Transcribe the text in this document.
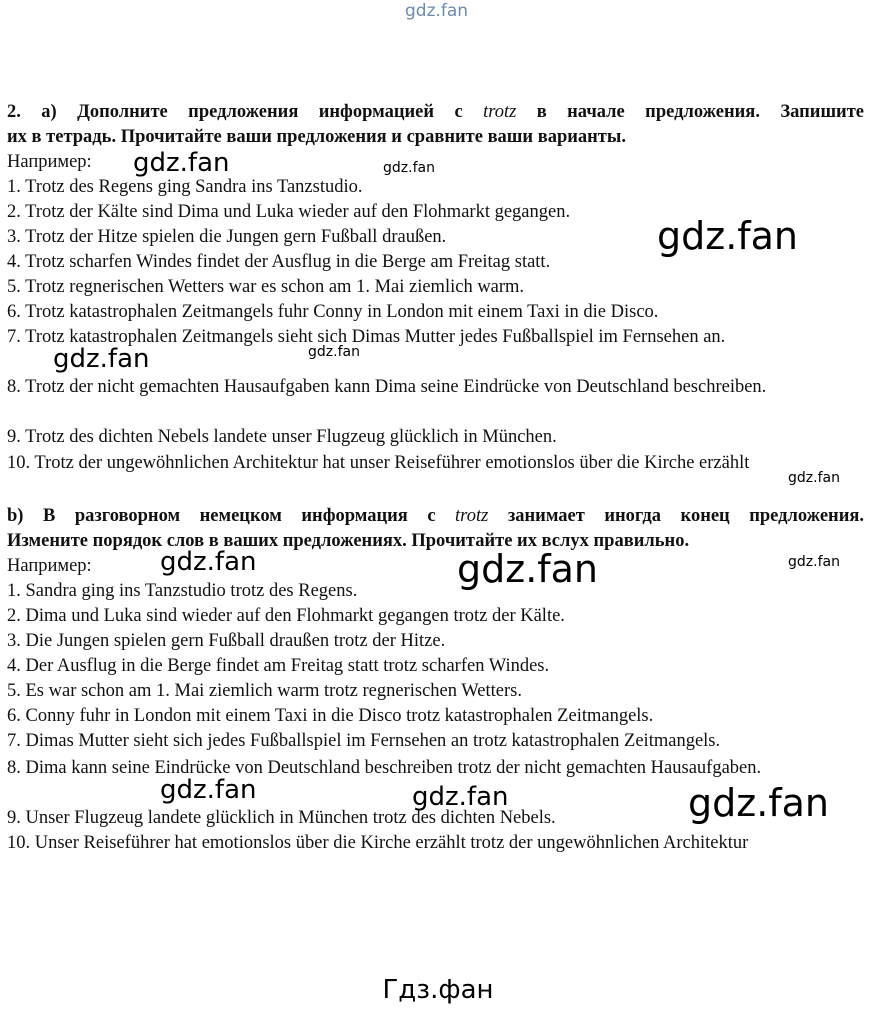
gdz.fan
2. а) Дополните предложения информацией с trotz в начале предложения. Запишите
их в тетрадь. Прочитайте ваши предложения и сравните ваши варианты.
Например:
1. Trotz des Regens ging Sandra ins Tanzstudio.
2. Trotz der Kälte sind Dima und Luka wieder auf den Flohmarkt gegangen.
3. Trotz der Hitze spielen die Jungen gern Fußball draußen.
4. Trotz scharfen Windes findet der Ausflug in die Berge am Freitag statt.
5. Trotz regnerischen Wetters war es schon am 1. Mai ziemlich warm.
6. Trotz katastrophalen Zeitmangels fuhr Conny in London mit einem Taxi in die Disco.
7. Trotz katastrophalen Zeitmangels sieht sich Dimas Mutter jedes Fußballspiel im Fernsehen an.
8. Trotz der nicht gemachten Hausaufgaben kann Dima seine Eindrücke von Deutschland beschreiben.
9. Trotz des dichten Nebels landete unser Flugzeug glücklich in München.
10. Trotz der ungewöhnlichen Architektur hat unser Reiseführer emotionslos über die Kirche erzählt
b) В разговорном немецком информация с trotz занимает иногда конец предложения.
Измените порядок слов в ваших предложениях. Прочитайте их вслух правильно.
Например:
1. Sandra ging ins Tanzstudio trotz des Regens.
2. Dima und Luka sind wieder auf den Flohmarkt gegangen trotz der Kälte.
3. Die Jungen spielen gern Fußball draußen trotz der Hitze.
4. Der Ausflug in die Berge findet am Freitag statt trotz scharfen Windes.
5. Es war schon am 1. Mai ziemlich warm trotz regnerischen Wetters.
6. Conny fuhr in London mit einem Taxi in die Disco trotz katastrophalen Zeitmangels.
7. Dimas Mutter sieht sich jedes Fußballspiel im Fernsehen an trotz katastrophalen Zeitmangels.
8. Dima kann seine Eindrücke von Deutschland beschreiben trotz der nicht gemachten Hausaufgaben.
9. Unser Flugzeug landete glücklich in München trotz des dichten Nebels.
10. Unser Reiseführer hat emotionslos über die Kirche erzählt trotz der ungewöhnlichen Architektur
gdz.fan	gdz.fan
gdz.fan
gdz.fan	gdz.fan
gdz.fan
gdz.fan	gdz.fan	gdz.fan
gdz.fan	gdz.fan	gdz.fan
Гдз.фан
